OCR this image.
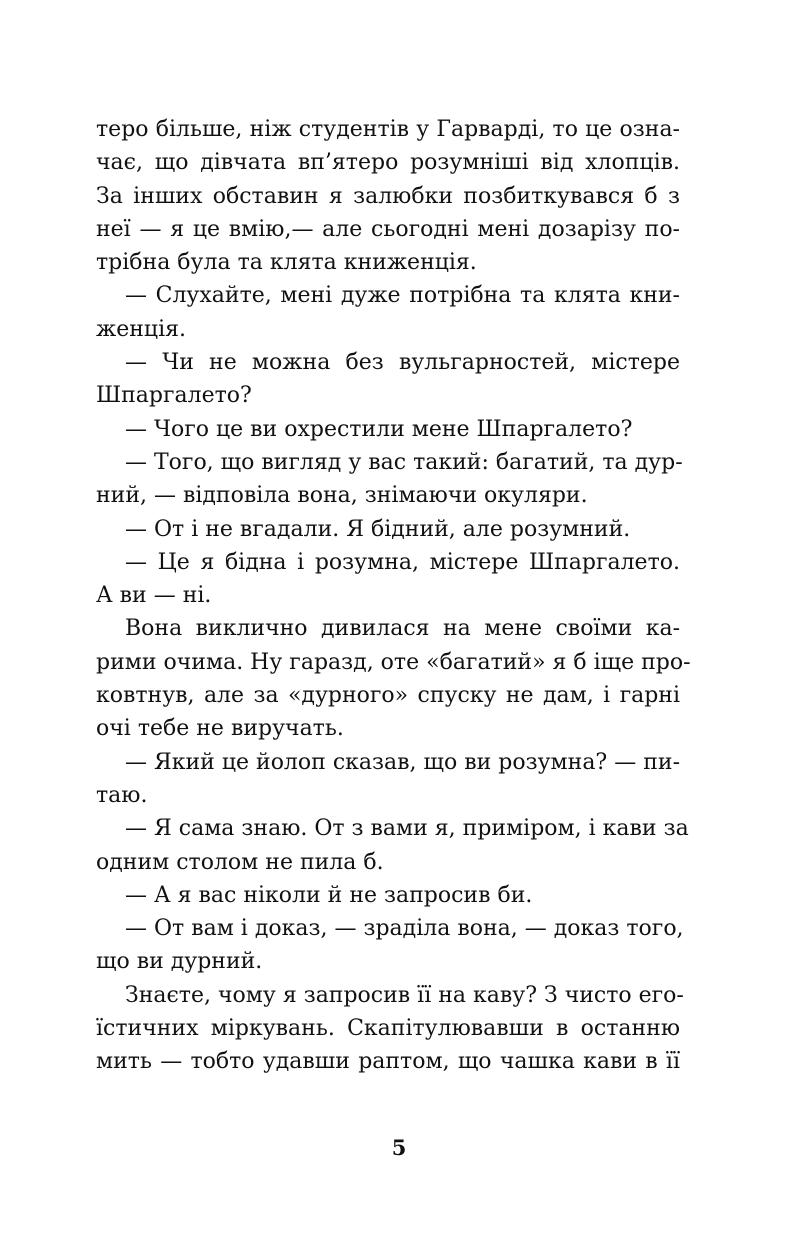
теро більше, ніж студентів у Гарварді, то це озна-
чає, що дівчата вп’ятеро розумніші від хлопців.
За інших обставин я залюбки позбиткувався б з
неї — я це вмію,— але сьогодні мені дозарізу по-
трібна була та клята книженція.
— Слухайте, мені дуже потрібна та клята кни-
женція.
— Чи не можна без вульгарностей, містере
Шпаргалето?
— Чого це ви охрестили мене Шпаргалето?
— Того, що вигляд у вас такий: багатий, та дур-
ний, — відповіла вона, знімаючи окуляри.
— От і не вгадали. Я бідний, але розумний.
— Це я бідна і розумна, містере Шпаргалето.
А ви — ні.
Вона виклично дивилася на мене своїми ка-
рими очима. Ну гаразд, оте «багатий» я б іще про-
ковтнув, але за «дурного» спуску не дам, і гарні
очі тебе не виручать.
— Який це йолоп сказав, що ви розумна? — пи-
таю.
— Я сама знаю. От з вами я, приміром, і кави за
одним столом не пила б.
— А я вас ніколи й не запросив би.
— От вам і доказ, — зраділа вона, — доказ того,
що ви дурний.
Знаєте, чому я запросив її на каву? З чисто его-
їстичних міркувань. Скапітулювавши в останню
мить — тобто удавши раптом, що чашка кави в її
5
